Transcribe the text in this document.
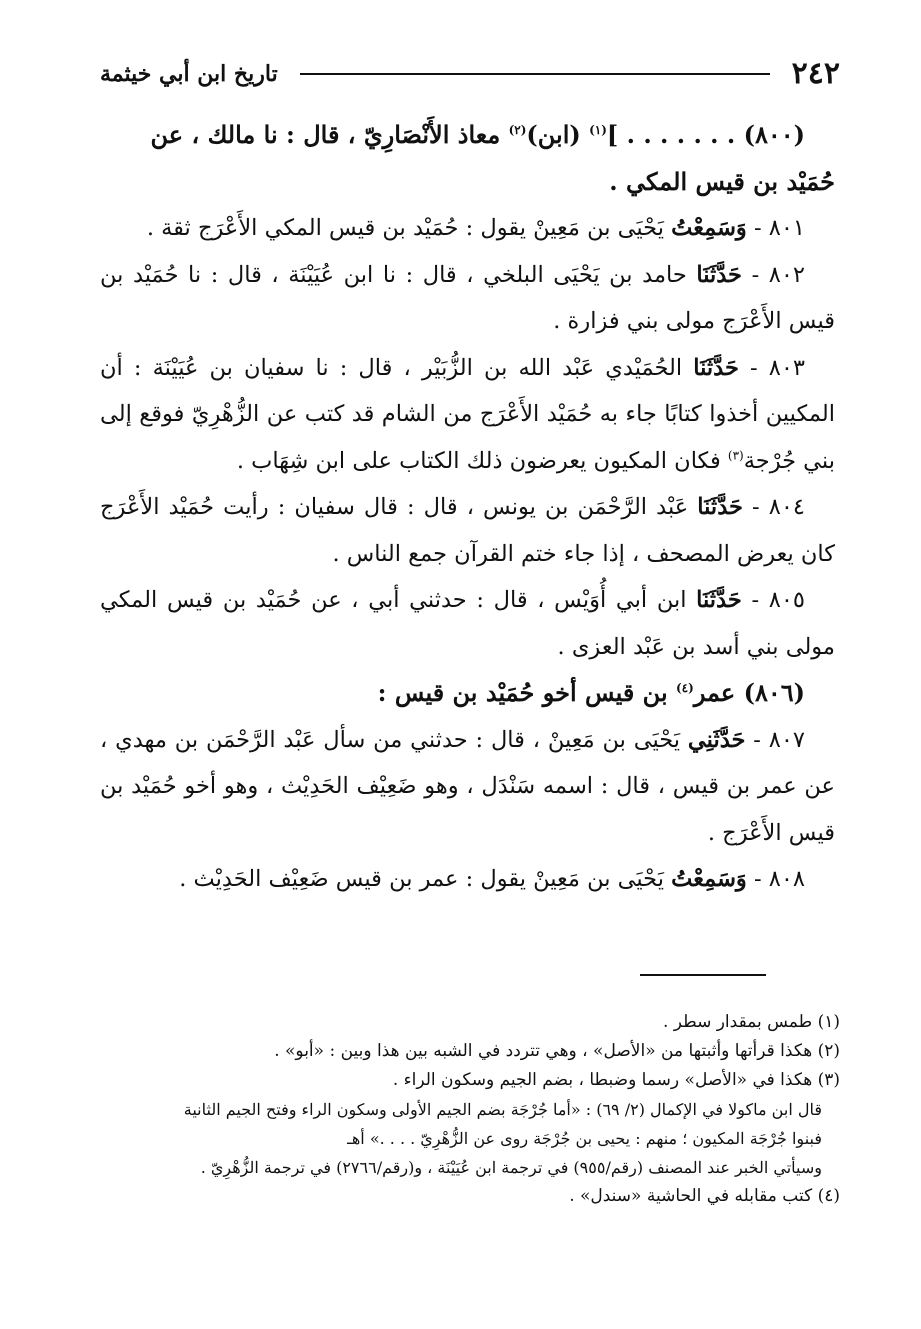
٢٤٢
تاريخ ابن أبي خيثمة

(٨٠٠) . . . . . . . ]$^{(١)}$ (ابن)$^{(٢)}$ معاذ الأَنْصَارِيّ ، قال : نا مالك ، عن
حُمَيْد بن قيس المكي .

٨٠١ - وَسَمِعْتُ يَحْيَى بن مَعِينْ يقول : حُمَيْد بن قيس المكي الأَعْرَج ثقة .

٨٠٢ - حَدَّثَنَا حامد بن يَحْيَى البلخي ، قال : نا ابن عُيَيْنَة ، قال : نا حُمَيْد بن قيس الأَعْرَج مولى بني فزارة .

٨٠٣ - حَدَّثَنَا الحُمَيْدي عَبْد الله بن الزُّبَيْر ، قال : نا سفيان بن عُيَيْنَة : أن المكيين أخذوا كتابًا جاء به حُمَيْد الأَعْرَج من الشام قد كتب عن الزُّهْرِيّ فوقع إلى بني جُرْجة$^{(٣)}$ فكان المكيون يعرضون ذلك الكتاب على ابن شِهَاب .

٨٠٤ - حَدَّثَنَا عَبْد الرَّحْمَن بن يونس ، قال : قال سفيان : رأيت حُمَيْد الأَعْرَج كان يعرض المصحف ، إذا جاء ختم القرآن جمع الناس .

٨٠٥ - حَدَّثَنَا ابن أبي أُوَيْس ، قال : حدثني أبي ، عن حُمَيْد بن قيس المكي مولى بني أسد بن عَبْد العزى .

(٨٠٦) عمر$^{(٤)}$ بن قيس أخو حُمَيْد بن قيس :

٨٠٧ - حَدَّثَنِي يَحْيَى بن مَعِينْ ، قال : حدثني من سأل عَبْد الرَّحْمَن بن مهدي ، عن عمر بن قيس ، قال : اسمه سَنْدَل ، وهو ضَعِيْف الحَدِيْث ، وهو أخو حُمَيْد بن قيس الأَعْرَج .

٨٠٨ - وَسَمِعْتُ يَحْيَى بن مَعِينْ يقول : عمر بن قيس ضَعِيْف الحَدِيْث .

(١) طمس بمقدار سطر .

(٢) هكذا قرأتها وأثبتها من «الأصل» ، وهي تتردد في الشبه بين هذا وبين : «أبو» .

(٣) هكذا في «الأصل» رسما وضبطا ، بضم الجيم وسكون الراء .

قال ابن ماكولا في الإكمال (٢/ ٦٩) : «أما جُرْجَة بضم الجيم الأولى وسكون الراء وفتح الجيم الثانية

فبنوا جُرْجَة المكيون ؛ منهم : يحيى بن جُرْجَة روى عن الزُّهْرِيّ . . . .» أهـ

وسيأتي الخبر عند المصنف (رقم/٩٥٥) في ترجمة ابن عُيَيْنَة ، و(رقم/٢٧٦٦) في ترجمة الزُّهْرِيّ .

(٤) كتب مقابله في الحاشية «سندل» .
